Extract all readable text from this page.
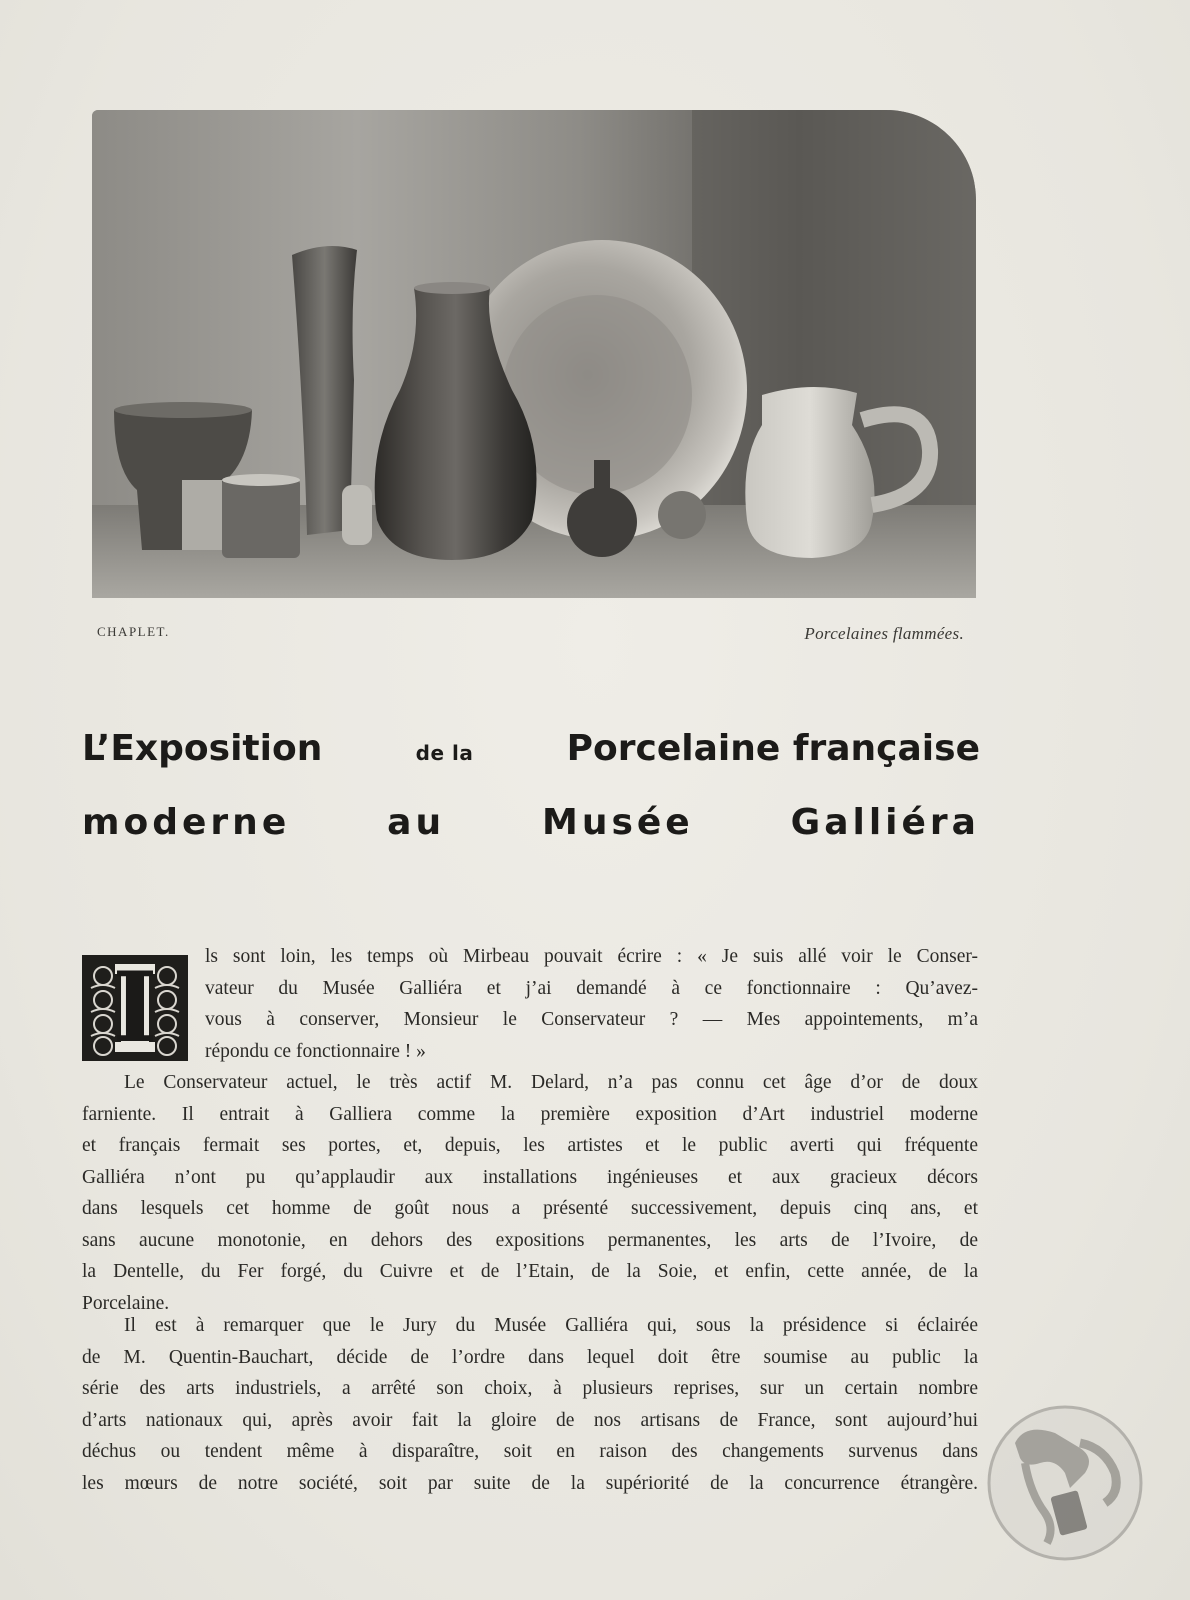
CHAPLET.	Porcelaines flammées.
L’Exposition	de la	Porcelaine française
moderne	au	Musée	Galliéra
I	ls sont loin, les temps où Mirbeau pouvait écrire : « Je suis allé voir le Conser-
vateur du Musée Galliéra et j’ai demandé à ce fonctionnaire : Qu’avez-
vous à conserver, Monsieur le Conservateur ? — Mes appointements, m’a
répondu ce fonctionnaire ! »
Le Conservateur actuel, le très actif M. Delard, n’a pas connu cet âge d’or de doux
farniente. Il entrait à Galliera comme la première exposition d’Art industriel moderne
et français fermait ses portes, et, depuis, les artistes et le public averti qui fréquente
Galliéra n’ont pu qu’applaudir aux installations ingénieuses et aux gracieux décors
dans lesquels cet homme de goût nous a présenté successivement, depuis cinq ans, et
sans aucune monotonie, en dehors des expositions permanentes, les arts de l’Ivoire, de
la Dentelle, du Fer forgé, du Cuivre et de l’Etain, de la Soie, et enfin, cette année, de la
Porcelaine.
Il est à remarquer que le Jury du Musée Galliéra qui, sous la présidence si éclairée
de M. Quentin-Bauchart, décide de l’ordre dans lequel doit être soumise au public la
série des arts industriels, a arrêté son choix, à plusieurs reprises, sur un certain nombre
d’arts nationaux qui, après avoir fait la gloire de nos artisans de France, sont aujourd’hui
déchus ou tendent même à disparaître, soit en raison des changements survenus dans
les mœurs de notre société, soit par suite de la supériorité de la concurrence étrangère.
